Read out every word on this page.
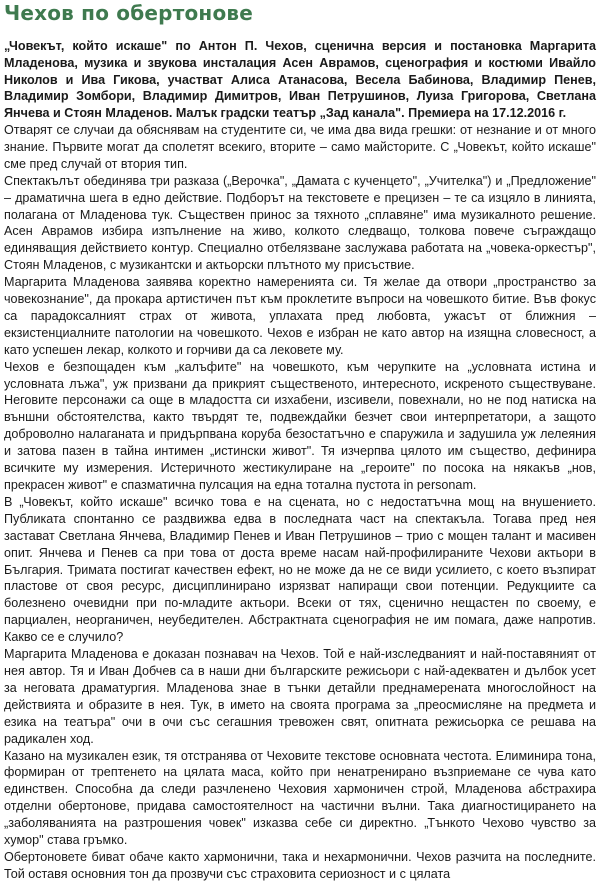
Чехов по обертонове

„Човекът, който искаше" по Антон П. Чехов, сценична версия и постановка Маргарита Младенова, музика и звукова инсталация Асен Аврамов, сценография и костюми Ивайло Николов и Ива Гикова, участват Алиса Атанасова, Весела Бабинова, Владимир Пенев, Владимир Зомбори, Владимир Димитров, Иван Петрушинов, Луиза Григорова, Светлана Янчева и Стоян Младенов. Малък градски театър „Зад канала". Премиера на 17.12.2016 г.

Отварят се случаи да обяснявам на студентите си, че има два вида грешки: от незнание и от много знание. Първите могат да сполетят всекиго, вторите – само майсторите. С „Човекът, който искаше" сме пред случай от втория тип.

Спектакълът обединява три разказа („Верочка", „Дамата с кученцето", „Учителка") и „Предложение" – драматична шега в едно действие. Подборът на текстовете е прецизен – те са изцяло в линията, полагана от Младенова тук. Съществен принос за тяхното „сплавяне" има музикалното решение. Асен Аврамов избира изпълнение на живо, колкото следващо, толкова повече съграждащо единяващия действието контур. Специално отбелязване заслужава работата на „човека-оркестър", Стоян Младенов, с музикантски и актьорски плътното му присъствие.

Маргарита Младенова заявява коректно намеренията си. Тя желае да отвори „пространство за човекознание", да прокара артистичен път към проклетите въпроси на човешкото битие. Във фокус са парадоксалният страх от живота, уплахата пред любовта, ужасът от ближния – екзистенциалните патологии на човешкото. Чехов е избран не като автор на изящна словесност, а като успешен лекар, колкото и горчиви да са лековете му.

Чехов е безпощаден към „калъфите" на човешкото, към черупките на „условната истина и условната лъжа", уж призвани да прикрият същественото, интересното, искреното съществуване. Неговите персонажи са още в младостта си изхабени, изсивели, повехнали, но не под натиска на външни обстоятелства, както твърдят те, подвеждайки безчет свои интерпретатори, а защото доброволно налаганата и придърпвана коруба безостатъчно е спаружила и задушила уж лелеяния и затова пазен в тайна интимен „истински живот". Тя изчерпва цялото им същество, дефинира всичките му измерения. Истеричното жестикулиране на „героите" по посока на някакъв „нов, прекрасен живот" е спазматична пулсация на една тотална пустота in personam.

В „Човекът, който искаше" всичко това е на сцената, но с недостатъчна мощ на внушението. Публиката спонтанно се раздвижва едва в последната част на спектакъла. Тогава пред нея застават Светлана Янчева, Владимир Пенев и Иван Петрушинов – трио с мощен талант и масивен опит. Янчева и Пенев са при това от доста време насам най-профилираните Чехови актьори в България. Тримата постигат качествен ефект, но не може да не се види усилието, с което възпират пластове от своя ресурс, дисциплинирано изрязват напиращи свои потенции. Редукциите са болезнено очевидни при по-младите актьори. Всеки от тях, сценично нещастен по своему, е парциален, неорганичен, неубедителен. Абстрактната сценография не им помага, даже напротив. Какво се е случило?

Маргарита Младенова е доказан познавач на Чехов. Той е най-изследваният и най-поставяният от нея автор. Тя и Иван Добчев са в наши дни българските режисьори с най-адекватен и дълбок усет за неговата драматургия. Младенова знае в тънки детайли преднамерената многослойност на действията и образите в нея. Тук, в името на своята програма за „преосмисляне на предмета и езика на театъра" очи в очи със сегашния тревожен свят, опитната режисьорка се решава на радикален ход.

Казано на музикален език, тя отстранява от Чеховите текстове основната честота. Елиминира тона, формиран от трептенето на цялата маса, който при ненатренирано възприемане се чува като единствен. Способна да следи разчленено Чеховия хармоничен строй, Младенова абстрахира отделни обертонове, придава самостоятелност на частични вълни. Така диагностицирането на „заболяванията на разтрошения човек" изказва себе си директно. „Тънкото Чехово чувство за хумор" става гръмко.

Обертоновете биват обаче както хармонични, така и нехармонични. Чехов разчита на последните. Той оставя основния тон да прозвучи със страховита сериозност и с цялата
